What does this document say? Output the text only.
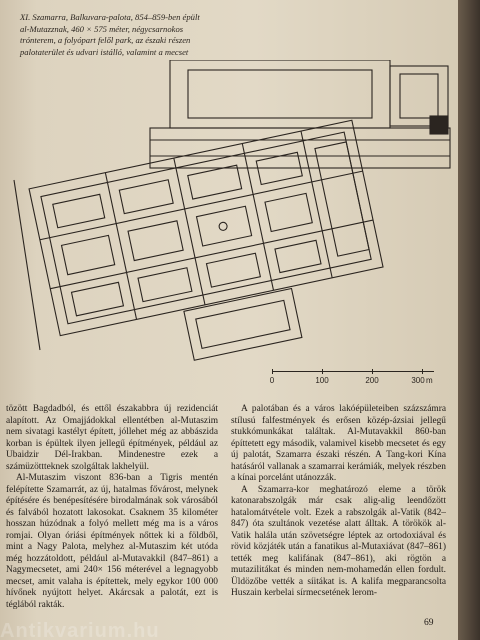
XI. Szamarra, Balkuvara-palota, 854–859-ben épült

al-Mutazznak, 460 × 575 méter, négycsarnokos

trónterem, a folyópart felől park, az északi részen

palotaterület és udvari istálló, valamint a mecset

0	100	200	300 m

tözött Bagdadból, és ettől északabbra új rezidenciát alapított. Az Omajjádokkal ellentétben al-Mutaszim nem sivatagi kastélyt épített, jóllehet még az abbászida korban is épültek ilyen jellegű építmények, például az Ubaidzir Dél-Irakban. Mindenestre ezek a számüzöttteknek szolgáltak lakhelyül.

Al-Mutaszim viszont 836-ban a Tigris mentén felépítette Szamarrát, az új, hatalmas fővárost, melynek építésére és benépesítésére birodalmának sok városából és falvából hozatott lakosokat. Csaknem 35 kilométer hosszan húzódnak a folyó mellett még ma is a város romjai. Olyan óriási építmények nőttek ki a földből, mint a Nagy Palota, melyhez al-Mutaszim két utóda még hozzátoldott, például al-Mutavakkil (847–861) a Nagymecsetet, ami 240× 156 méterével a legnagyobb mecset, amit valaha is építettek, mely egykor 100 000 hívőnek nyújtott helyet. Akárcsak a palotát, ezt is téglából rakták.

A palotában és a város lakóépületeiben százszámra stílusú falfestmények és erősen közép-ázsiai jellegű stukkómunkákat találtak. Al-Mutavakkil 860-ban építtetett egy második, valamivel kisebb mecsetet és egy új palotát, Szamarra északi részén. A Tang-kori Kína hatásáról vallanak a szamarrai kerámiák, melyek részben a kínai porcelánt utánozzák.

A Szamarra-kor meghatározó eleme a török katonarabszolgák már csak alig-alig leendőzött hatalomátvétele volt. Ezek a rabszolgák al-Vatik (842–847) óta szultánok vezetése alatt álltak. A törökök al-Vatik halála után szövetségre léptek az ortodoxiával és rövid közjáték után a fanatikus al-Mutaxiávat (847–861) tették meg kalifának (847–861), aki rögtön a mutazilitákat és minden nem-mohamedán ellen fordult. Üldözőbe vették a síitákat is. A kalifa megparancsolta Huszain kerbelai sírmecsetének lerom-

69
Antikvarium.hu
